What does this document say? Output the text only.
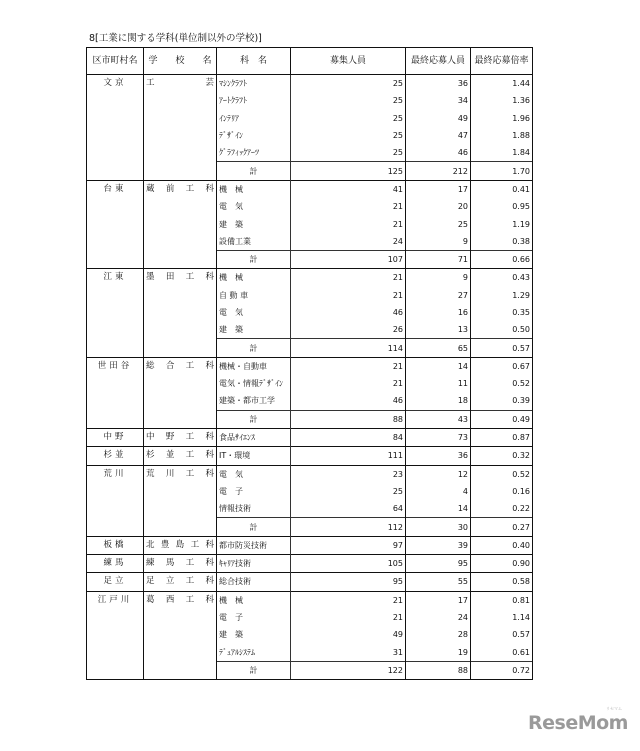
8[工業に関する学科(単位制以外の学校)]
区市町村名	学　　校　　名	科　名	募集人員	最終応募人員	最終応募倍率
文京	工 芸	ﾏｼﾝｸﾗﾌﾄ	25	36	1.44
		ｱｰﾄｸﾗﾌﾄ	25	34	1.36
		ｲﾝﾃﾘｱ	25	49	1.96
		ﾃﾞｻﾞｲﾝ	25	47	1.88
		ｸﾞﾗﾌｨｯｸｱｰﾂ	25	46	1.84
		計	125	212	1.70
台東	蔵 前 工 科	機　械	41	17	0.41
		電　気	21	20	0.95
		建　築	21	25	1.19
		設備工業	24	9	0.38
		計	107	71	0.66
江東	墨 田 工 科	機　械	21	9	0.43
		自 動 車	21	27	1.29
		電　気	46	16	0.35
		建　築	26	13	0.50
		計	114	65	0.57
世田谷	総 合 工 科	機械・自動車	21	14	0.67
		電気・情報ﾃﾞｻﾞｲﾝ	21	11	0.52
		建築・都市工学	46	18	0.39
		計	88	43	0.49
中野	中 野 工 科	食品ｻｲｴﾝｽ	84	73	0.87
杉並	杉 並 工 科	IT・環境	111	36	0.32
荒川	荒 川 工 科	電　気	23	12	0.52
		電　子	25	4	0.16
		情報技術	64	14	0.22
		計	112	30	0.27
板橋	北 豊 島 工 科	都市防災技術	97	39	0.40
練馬	練 馬 工 科	ｷｬﾘｱ技術	105	95	0.90
足立	足 立 工 科	総合技術	95	55	0.58
江戸川	葛 西 工 科	機　械	21	17	0.81
		電　子	21	24	1.14
		建　築	49	28	0.57
		ﾃﾞｭｱﾙｼｽﾃﾑ	31	19	0.61
		計	122	88	0.72
ReseMom
リセマム
